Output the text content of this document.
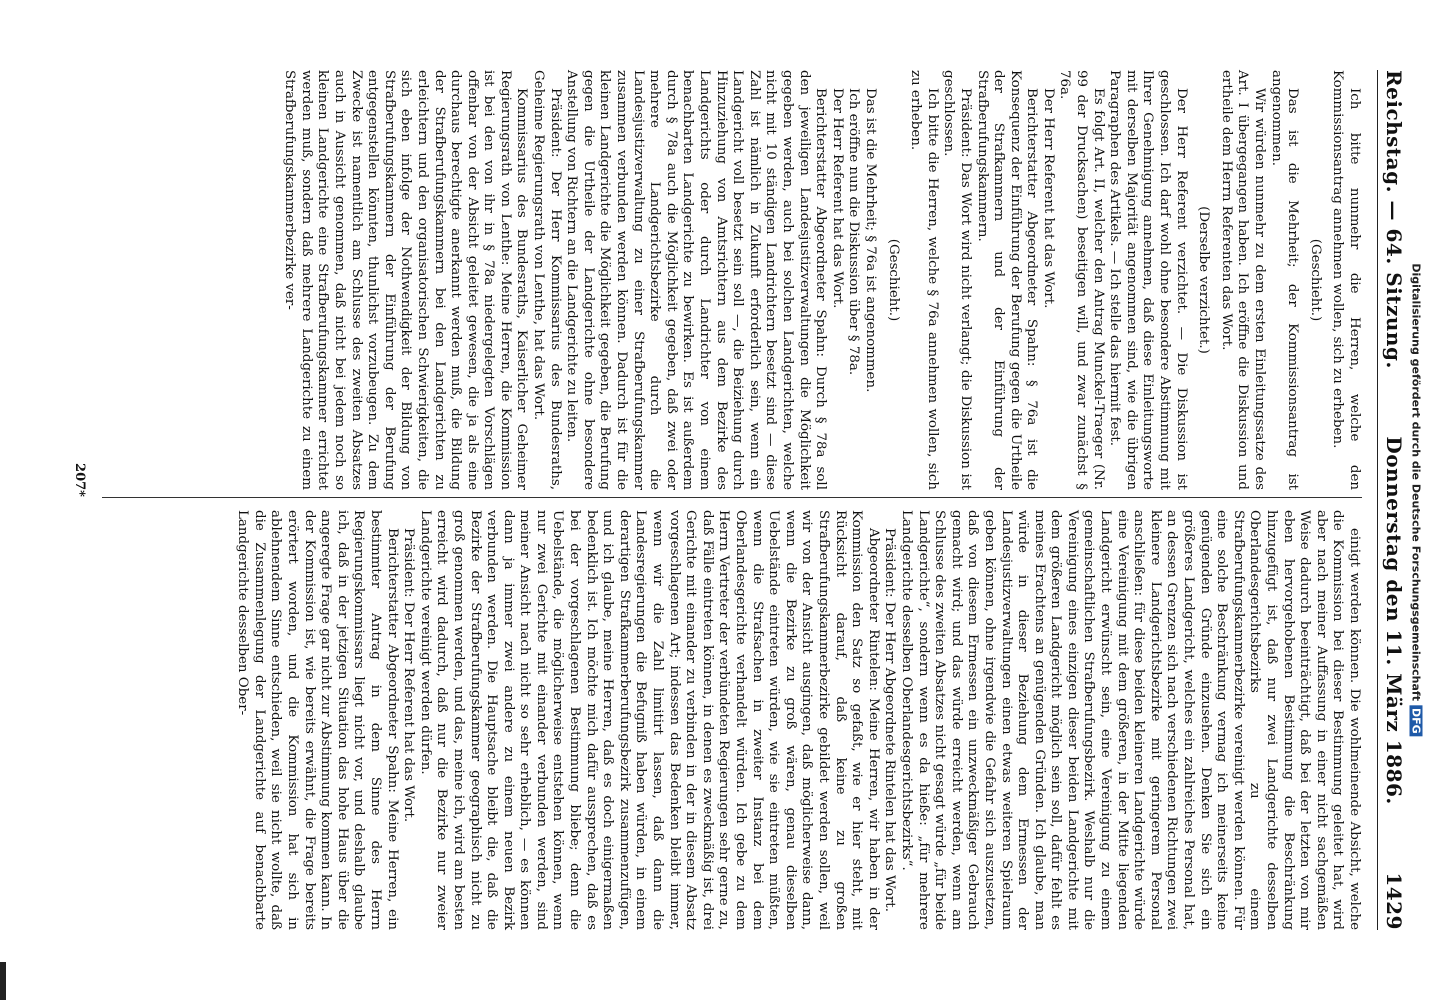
Reichstag. — 64. Sitzung.
Donnerstag den 11. März 1886.
1429

Ich bitte nunmehr die Herren, welche den Kommissionsantrag annehmen wollen, sich zu erheben.

(Geschieht.)

Das ist die Mehrheit; der Kommissionsantrag ist angenommen.

Wir würden nunmehr zu dem ersten Einleitungssatze des Art. I übergegangen haben. Ich eröffne die Diskussion und ertheile dem Herrn Referenten das Wort.

(Derselbe verzichtet.)

Der Herr Referent verzichtet. — Die Diskussion ist geschlossen. Ich darf wohl ohne besondere Abstimmung mit Ihrer Genehmigung annehmen, daß diese Einleitungsworte mit derselben Majorität angenommen sind, wie die übrigen Paragraphen des Artikels. — Ich stelle das hiermit fest.

Es folgt Art. II, welcher den Antrag Munckel-Traeger (Nr. 99 der Drucksachen) beseitigen will, und zwar zunächst § 76a.

Der Herr Referent hat das Wort.

Berichterstatter Abgeordneter Spahn: § 76a ist die Konsequenz der Einführung der Berufung gegen die Urtheile der Strafkammern und der Einführung der Strafberufungskammern.

Präsident: Das Wort wird nicht verlangt; die Diskussion ist geschlossen.

Ich bitte die Herren, welche § 76a annehmen wollen, sich zu erheben.

(Geschieht.)

Das ist die Mehrheit; § 76a ist angenommen.

Ich eröffne nun die Diskussion über § 78a.

Der Herr Referent hat das Wort.

Berichterstatter Abgeordneter Spahn: Durch § 78a soll den jeweiligen Landesjustizverwaltungen die Möglichkeit gegeben werden, auch bei solchen Landgerichten, welche nicht mit 10 ständigen Landrichtern besetzt sind — diese Zahl ist nämlich in Zukunft erforderlich sein, wenn ein Landgericht voll besetzt sein soll —, die Beiziehung durch Hinzuziehung von Amtsrichtern aus dem Bezirke des Landgerichts oder durch Landrichter von einem benachbarten Landgerichte zu bewirken. Es ist außerdem durch § 78a auch die Möglichkeit gegeben, daß zwei oder mehrere Landgerichtsbezirke durch die Landesjustizverwaltung zu einer Strafberufungskammer zusammen verbunden werden können. Dadurch ist für die kleinen Landgerichte die Möglichkeit gegeben, die Berufung gegen die Urtheile der Landgerichte ohne besondere Anstellung von Richtern an die Landgerichte zu leiten.

Präsident: Der Herr Kommissarius des Bundesraths, Geheime Regierungsrath von Lenthe, hat das Wort.

Kommissarius des Bundesraths, Kaiserlicher Geheimer Regierungsrath von Lenthe: Meine Herren, die Kommission ist bei den von ihr in § 78a niedergelegten Vorschlägen offenbar von der Absicht geleitet gewesen, die ja als eine durchaus berechtigte anerkannt werden muß, die Bildung der Strafberufungskammern bei den Landgerichten zu erleichtern und den organisatorischen Schwierigkeiten, die sich eben infolge der Nothwendigkeit der Bildung von Strafberufungskammern der Einführung der Berufung entgegenstellen könnten, thunlichst vorzubeugen. Zu dem Zwecke ist namentlich am Schlusse des zweiten Absatzes auch in Aussicht genommen, daß nicht bei jedem noch so kleinen Landgerichte eine Strafberufungskammer errichtet werden muß, sondern daß mehrere Landgerichte zu einem Strafberufungskammerbezirke ver-

einigt werden können. Die wohlmeinende Absicht, welche die Kommission bei dieser Bestimmung geleitet hat, wird aber nach meiner Auffassung in einer nicht sachgemäßen Weise dadurch beeinträchtigt, daß bei der letzten von mir eben hervorgehobenen Bestimmung die Beschränkung hinzugefügt ist, daß nur zwei Landgerichte desselben Oberlandesgerichtsbezirks zu einem Strafberufungskammerbezirke vereinigt werden können. Für eine solche Beschränkung vermag ich meinerseits keine genügenden Gründe einzusehen. Denken Sie sich ein größeres Landgericht, welches ein zahlreiches Personal hat, an dessen Grenzen sich nach verschiedenen Richtungen zwei kleinere Landgerichtsbezirke mit geringerem Personal anschließen: für diese beiden kleineren Landgerichte würde eine Vereinigung mit dem größeren, in der Mitte liegenden Landgericht erwünscht sein, eine Vereinigung zu einem gemeinschaftlichen Strafberufungsbezirk. Weshalb nur die Vereinigung eines einzigen dieser beiden Landgerichte mit dem größeren Landgericht möglich sein soll, dafür fehlt es meines Erachtens an genügenden Gründen. Ich glaube, man würde in dieser Beziehung dem Ermessen der Landesjustizverwaltungen einen etwas weiteren Spielraum geben können, ohne irgendwie die Gefahr sich auszusetzen, daß von diesem Ermessen ein unzweckmäßiger Gebrauch gemacht wird; und das würde erreicht werden, wenn am Schlusse des zweiten Absatzes nicht gesagt würde „für beide Landgerichte“, sondern wenn es da hieße: „für mehrere Landgerichte desselben Oberlandesgerichtsbezirks“.

Präsident: Der Herr Abgeordnete Rintelen hat das Wort.

Abgeordneter Rintelen: Meine Herren, wir haben in der Kommission den Satz so gefaßt, wie er hier steht, mit Rücksicht darauf, daß keine zu großen Strafberufungskammerbezirke gebildet werden sollen, weil wir von der Ansicht ausgingen, daß möglicherweise dann, wenn die Bezirke zu groß wären, genau dieselben Uebelstände eintreten würden, wie sie eintreten müßten, wenn die Strafsachen in zweiter Instanz bei dem Oberlandesgerichte verhandelt würden. Ich gebe zu dem Herrn Vertreter der verbündeten Regierungen sehr gerne zu, daß Fälle eintreten können, in denen es zweckmäßig ist, drei Gerichte mit einander zu verbinden in der in diesem Absatz vorgeschlagenen Art; indessen das Bedenken bleibt immer, wenn wir die Zahl limitirt lassen, daß dann die Landesregierungen die Befugniß haben würden, in einem derartigen Strafkammerberufungsbezirk zusammenzufügen, und ich glaube, meine Herren, daß es doch einigermaßen bedenklich ist. Ich möchte mich dafür aussprechen, daß es bei der vorgeschlagenen Bestimmung bliebe; denn die Uebelstände, die möglicherweise entstehen können, wenn nur zwei Gerichte mit einander verbunden werden, sind meiner Ansicht nach nicht so sehr erheblich, — es können dann ja immer zwei andere zu einem neuen Bezirk verbunden werden. Die Hauptsache bleibt die, daß die Bezirke der Strafberufungskammer geographisch nicht zu groß genommen werden, und das, meine ich, wird am besten erreicht wird dadurch, daß nur die Bezirke nur zweier Landgerichte vereinigt werden dürfen.

Präsident: Der Herr Referent hat das Wort.

Berichterstatter Abgeordneter Spahn: Meine Herren, ein bestimmter Antrag in dem Sinne des Herrn Regierungskommissars liegt nicht vor, und deshalb glaube ich, daß in der jetzigen Situation das hohe Haus über die angeregte Frage gar nicht zur Abstimmung kommen kann. In der Kommission ist, wie bereits erwähnt, die Frage bereits erörtert worden, und die Kommission hat sich in ablehnendem Sinne entschieden, weil sie nicht wollte, daß die Zusammenlegung der Landgerichte auf benachbarte Landgerichte desselben Ober-

207*	Digitalisierung gefördert durch die Deutsche ForschungsgemeinschaftDFG
